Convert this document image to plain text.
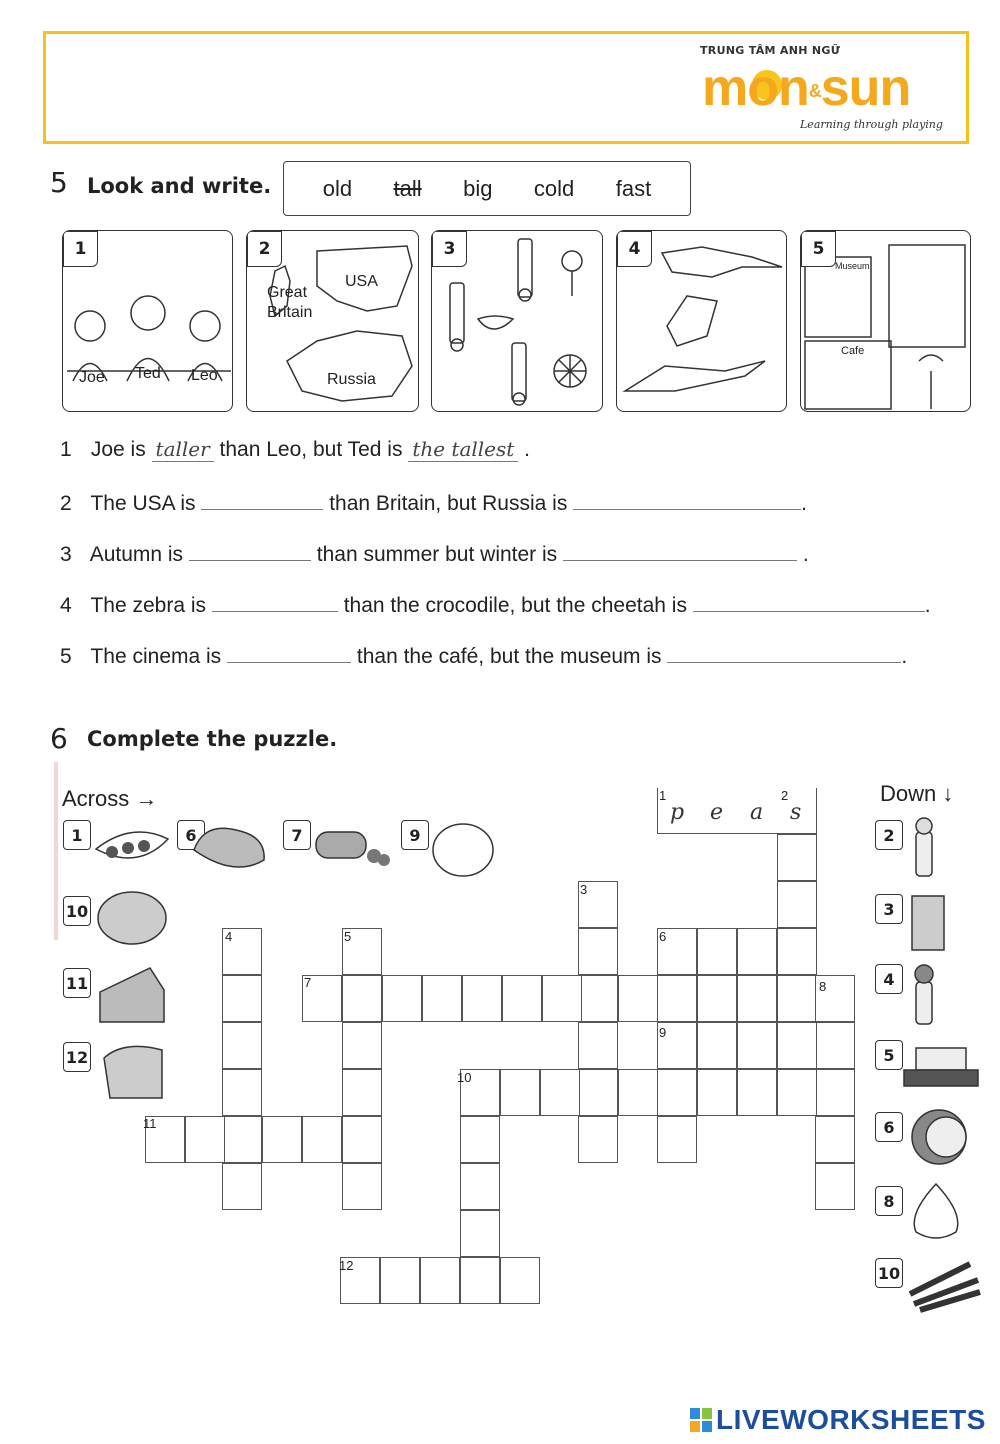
TRUNG TÂM ANH NGỮ
mon&sun
Learning through playing
5 Look and write. old tall big cold fast
1
Joe Ted Leo
2
Great Britain
USA
Russia
3	4	5
Museum
Cafe
1 Joe is taller than Leo, but Ted is the tallest .
2 The USA is	than Britain, but Russia is	.
3 Autumn is	than summer but winter is	.
4 The zebra is	than the crocodile, but the cheetah is	.
5 The cinema is	than the café, but the museum is	.
6 Complete the puzzle.
Across →	Down ↓
1	6	7	9
10
11
12
2
3
4
5
6
8
10
1	2
3
4	5	6
7	8
9
10
11
12
p e a s
LIVEWORKSHEETS
